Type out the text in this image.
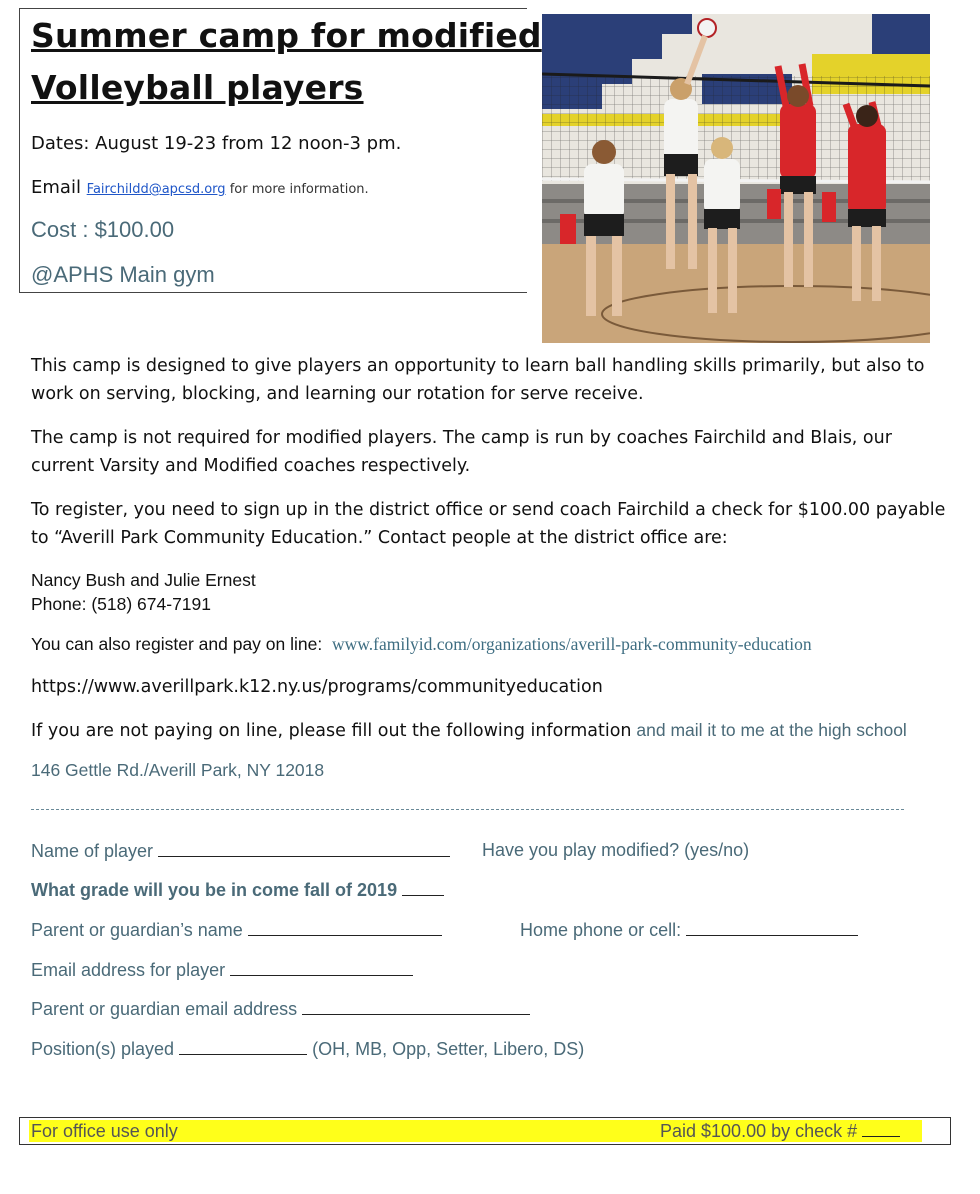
Summer camp for modified
Volleyball players
Dates: August 19-23 from 12 noon-3 pm.
Email Fairchildd@apcsd.org for more information.
Cost : $100.00
@APHS Main gym
This camp is designed to give players an opportunity to learn ball handling skills primarily, but also to work on serving, blocking, and learning our rotation for serve receive.
The camp is not required for modified players. The camp is run by coaches Fairchild and Blais, our current Varsity and Modified coaches respectively.
To register, you need to sign up in the district office or send coach Fairchild a check for $100.00 payable to “Averill Park Community Education.” Contact people at the district office are:
Nancy Bush and Julie Ernest
Phone: (518) 674-7191
You can also register and pay on line: www.familyid.com/organizations/averill-park-community-education
https://www.averillpark.k12.ny.us/programs/communityeducation
If you are not paying on line, please fill out the following information and mail it to me at the high school
146 Gettle Rd./Averill Park, NY 12018
Name of player	Have you play modified? (yes/no)
What grade will you be in come fall of 2019
Parent or guardian’s name	Home phone or cell:
Email address for player
Parent or guardian email address
Position(s) played	(OH, MB, Opp, Setter, Libero, DS)
For office use only	Paid $100.00 by check #
